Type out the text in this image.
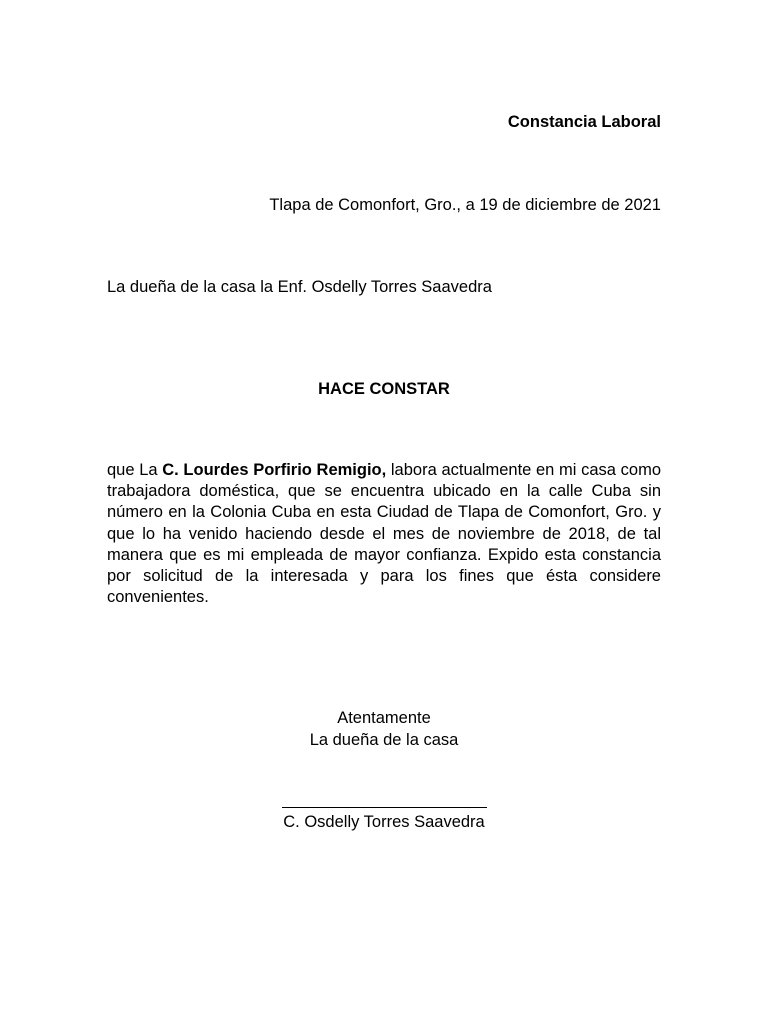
Constancia Laboral
Tlapa de Comonfort, Gro., a 19 de diciembre de 2021
La dueña de la casa la Enf. Osdelly Torres Saavedra
HACE CONSTAR

que La C. Lourdes Porfirio Remigio, labora actualmente en mi casa como trabajadora doméstica, que se encuentra ubicado en la calle Cuba sin número en la Colonia Cuba en esta Ciudad de Tlapa de Comonfort, Gro. y que lo ha venido haciendo desde el mes de noviembre de 2018, de tal manera que es mi empleada de mayor confianza. Expido esta constancia por solicitud de la interesada y para los fines que ésta considere convenientes.

Atentamente
La dueña de la casa
C. Osdelly Torres Saavedra
